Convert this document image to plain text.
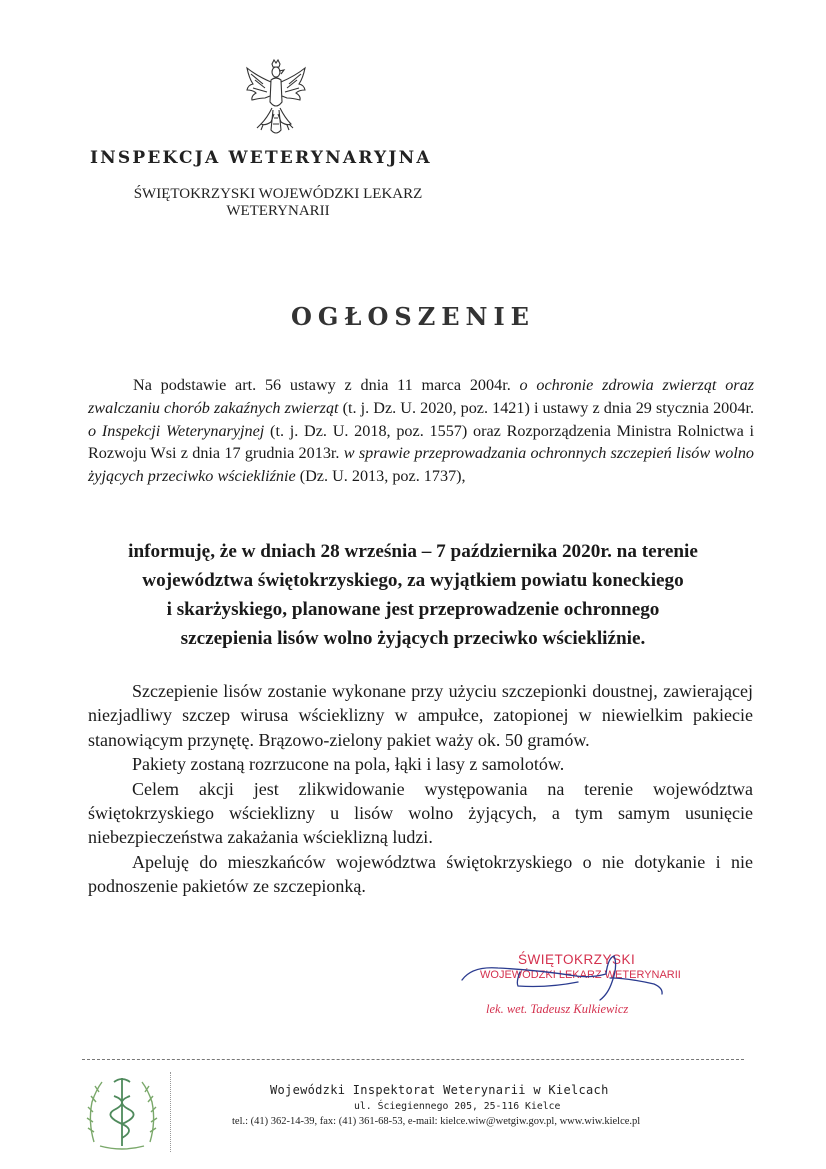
INSPEKCJA WETERYNARYJNA
ŚWIĘTOKRZYSKI WOJEWÓDZKI LEKARZ
WETERYNARII
OGŁOSZENIE
Na podstawie art. 56 ustawy z dnia 11 marca 2004r. o ochronie zdrowia zwierząt oraz zwalczaniu chorób zakaźnych zwierząt (t. j. Dz. U. 2020, poz. 1421) i ustawy z dnia 29 stycznia 2004r. o Inspekcji Weterynaryjnej (t. j. Dz. U. 2018, poz. 1557) oraz Rozporządzenia Ministra Rolnictwa i Rozwoju Wsi z dnia 17 grudnia 2013r. w sprawie przeprowadzania ochronnych szczepień lisów wolno żyjących przeciwko wściekliźnie (Dz. U. 2013, poz. 1737),
informuję, że w dniach 28 września – 7 października 2020r. na terenie
województwa świętokrzyskiego, za wyjątkiem powiatu koneckiego
i skarżyskiego, planowane jest przeprowadzenie ochronnego
szczepienia lisów wolno żyjących przeciwko wściekliźnie.

Szczepienie lisów zostanie wykonane przy użyciu szczepionki doustnej, zawierającej niezjadliwy szczep wirusa wścieklizny w ampułce, zatopionej w niewielkim pakiecie stanowiącym przynętę. Brązowo-zielony pakiet waży ok. 50 gramów.

Pakiety zostaną rozrzucone na pola, łąki i lasy z samolotów.

Celem akcji jest zlikwidowanie występowania na terenie województwa świętokrzyskiego wścieklizny u lisów wolno żyjących, a tym samym usunięcie niebezpieczeństwa zakażania wścieklizną ludzi.

Apeluję do mieszkańców województwa świętokrzyskiego o nie dotykanie i nie podnoszenie pakietów ze szczepionką.

ŚWIĘTOKRZYSKI
WOJEWÓDZKI LEKARZ WETERYNARII
lek. wet. Tadeusz Kulkiewicz
Wojewódzki Inspektorat Weterynarii w Kielcach
ul. Ściegiennego 205, 25-116 Kielce
tel.: (41) 362-14-39, fax: (41) 361-68-53, e-mail: kielce.wiw@wetgiw.gov.pl, www.wiw.kielce.pl
